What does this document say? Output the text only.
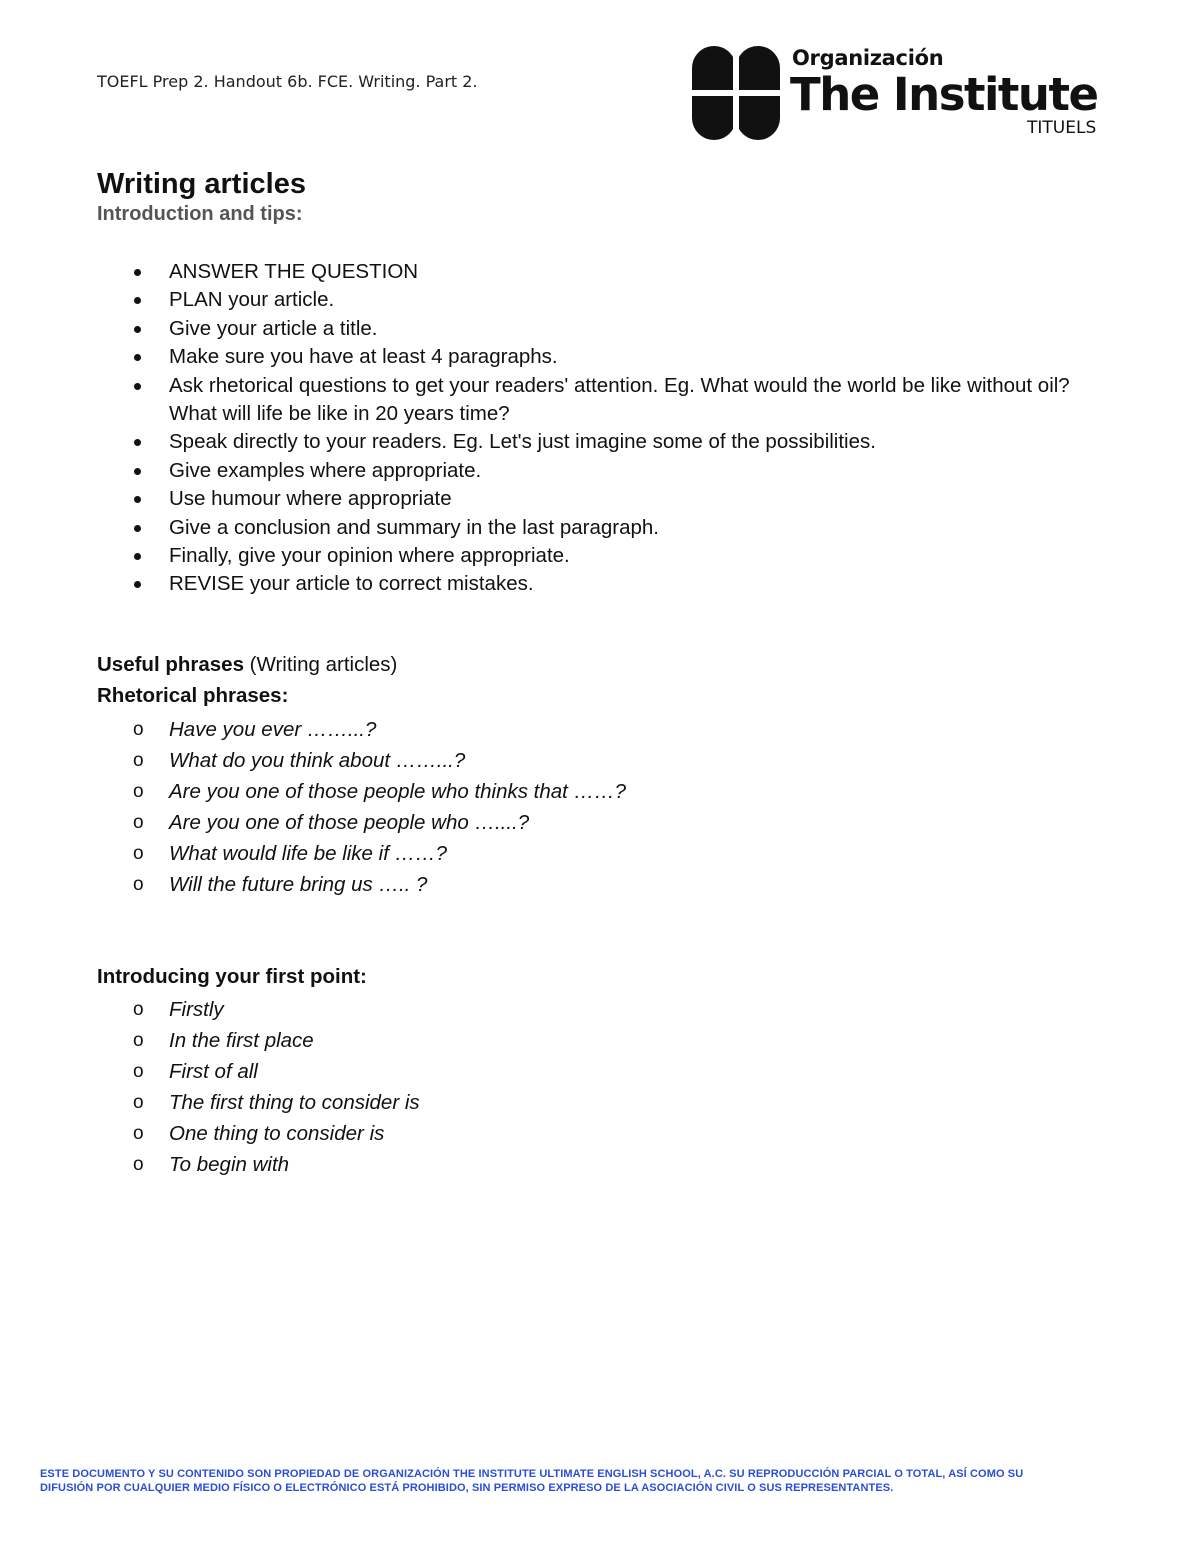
TOEFL Prep 2. Handout 6b. FCE. Writing. Part 2.
Organización
The Institute
TITUELS
Writing articles
Introduction and tips:
ANSWER THE QUESTION
PLAN your article.
Give your article a title.
Make sure you have at least 4 paragraphs.
Ask rhetorical questions to get your readers' attention. Eg. What would the world be like without oil? What will life be like in 20 years time?
Speak directly to your readers. Eg. Let's just imagine some of the possibilities.
Give examples where appropriate.
Use humour where appropriate
Give a conclusion and summary in the last paragraph.
Finally, give your opinion where appropriate.
REVISE your article to correct mistakes.
Useful phrases (Writing articles)
Rhetorical phrases:
o Have you ever ……...?
o What do you think about ……...?
o Are you one of those people who thinks that ……?
o Are you one of those people who …....?
o What would life be like if ……?
o Will the future bring us ….. ?
Introducing your first point:
o Firstly
o In the first place
o First of all
o The first thing to consider is
o One thing to consider is
o To begin with
ESTE DOCUMENTO Y SU CONTENIDO SON PROPIEDAD DE ORGANIZACIÓN THE INSTITUTE ULTIMATE ENGLISH SCHOOL, A.C. SU REPRODUCCIÓN PARCIAL O TOTAL, ASÍ COMO SU
DIFUSIÓN POR CUALQUIER MEDIO FÍSICO O ELECTRÓNICO ESTÁ PROHIBIDO, SIN PERMISO EXPRESO DE LA ASOCIACIÓN CIVIL O SUS REPRESENTANTES.
